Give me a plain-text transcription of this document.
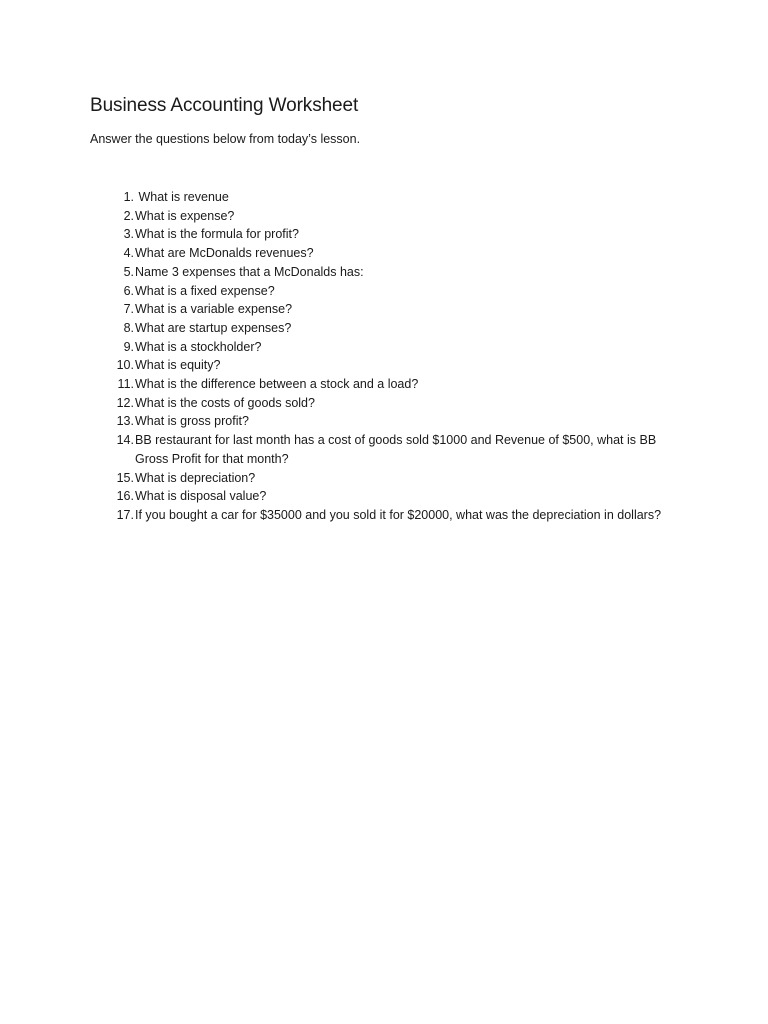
Business Accounting Worksheet

Answer the questions below from today’s lesson.

1. What is revenue
2. What is expense?
3. What is the formula for profit?
4. What are McDonalds revenues?
5. Name 3 expenses that a McDonalds has:
6. What is a fixed expense?
7. What is a variable expense?
8. What are startup expenses?
9. What is a stockholder?
10. What is equity?
11. What is the difference between a stock and a load?
12. What is the costs of goods sold?
13. What is gross profit?
14. BB restaurant for last month has a cost of goods sold $1000 and Revenue of $500, what is BB Gross Profit for that month?
15. What is depreciation?
16. What is disposal value?
17. If you bought a car for $35000 and you sold it for $20000, what was the depreciation in dollars?
